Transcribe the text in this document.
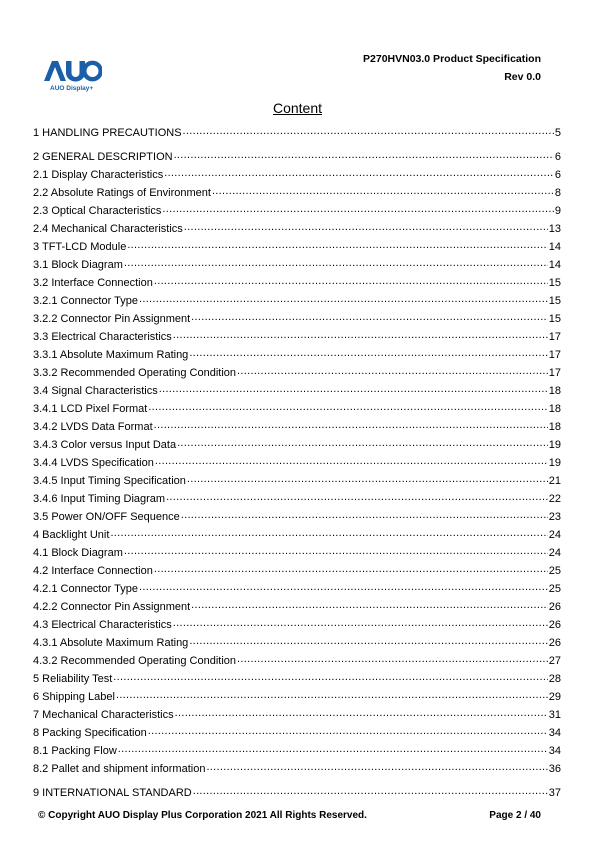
AUO Display+
P270HVN03.0 Product Specification
Rev 0.0
Content
1 HANDLING PRECAUTIONS .....	5
2 GENERAL DESCRIPTION .....	6
2.1 Display Characteristics .....	6
2.2 Absolute Ratings of Environment .....	8
2.3 Optical Characteristics .....	9
2.4 Mechanical Characteristics .....	13
3 TFT-LCD Module .....	14
3.1 Block Diagram .....	14
3.2 Interface Connection .....	15
3.2.1 Connector Type .....	15
3.2.2 Connector Pin Assignment .....	15
3.3 Electrical Characteristics .....	17
3.3.1 Absolute Maximum Rating .....	17
3.3.2 Recommended Operating Condition .....	17
3.4 Signal Characteristics .....	18
3.4.1 LCD Pixel Format .....	18
3.4.2 LVDS Data Format .....	18
3.4.3 Color versus Input Data .....	19
3.4.4 LVDS Specification .....	19
3.4.5 Input Timing Specification .....	21
3.4.6 Input Timing Diagram .....	22
3.5 Power ON/OFF Sequence .....	23
4 Backlight Unit .....	24
4.1 Block Diagram .....	24
4.2 Interface Connection .....	25
4.2.1 Connector Type .....	25
4.2.2 Connector Pin Assignment .....	26
4.3 Electrical Characteristics .....	26
4.3.1 Absolute Maximum Rating .....	26
4.3.2 Recommended Operating Condition .....	27
5 Reliability Test .....	28
6 Shipping Label .....	29
7 Mechanical Characteristics .....	31
8 Packing Specification .....	34
8.1 Packing Flow .....	34
8.2 Pallet and shipment information .....	36
9 INTERNATIONAL STANDARD .....	37
© Copyright AUO Display Plus Corporation 2021 All Rights Reserved.	Page 2 / 40
